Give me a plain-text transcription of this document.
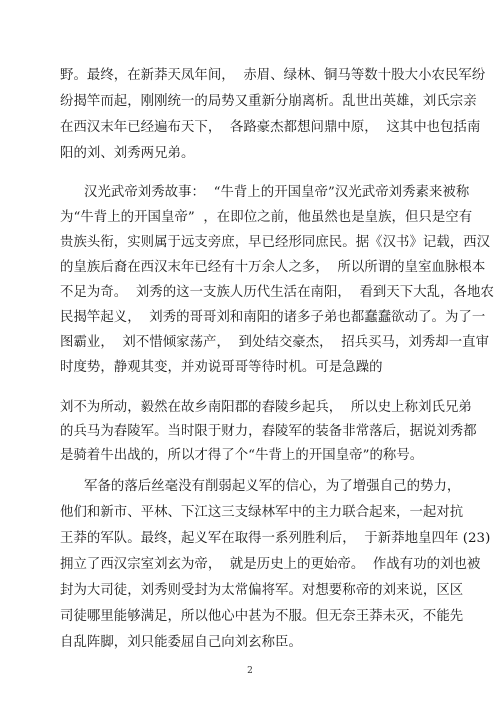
野。最终，在新莽天凤年间，  赤眉、绿林、铜马等数十股大小农民军纷
纷揭竿而起，刚刚统一的局势又重新分崩离析。乱世出英雄，刘氏宗亲
在西汉末年已经遍布天下，  各路豪杰都想问鼎中原，  这其中也包括南
阳的刘、刘秀两兄弟。
汉光武帝刘秀故事：  “牛背上的开国皇帝”汉光武帝刘秀素来被称
为“牛背上的开国皇帝”  ，在即位之前，他虽然也是皇族，但只是空有
贵族头衔，实则属于远支旁庶，早已经形同庶民。据《汉书》记载，西汉
的皇族后裔在西汉末年已经有十万余人之多，  所以所谓的皇室血脉根本
不足为奇。  刘秀的这一支族人历代生活在南阳，  看到天下大乱，各地农
民揭竿起义，  刘秀的哥哥刘和南阳的诸多子弟也都蠢蠢欲动了。为了一
图霸业，  刘不惜倾家荡产，  到处结交豪杰，  招兵买马，刘秀却一直审
时度势，静观其变，并劝说哥哥等待时机。可是急躁的
刘不为所动，毅然在故乡南阳郡的舂陵乡起兵，  所以史上称刘氏兄弟
的兵马为舂陵军。当时限于财力，舂陵军的装备非常落后，据说刘秀都
是骑着牛出战的，所以才得了个“牛背上的开国皇帝”的称号。
军备的落后丝毫没有削弱起义军的信心，为了增强自己的势力，
他们和新市、平林、下江这三支绿林军中的主力联合起来，一起对抗
王莽的军队。最终，起义军在取得一系列胜利后，  于新莽地皇四年 (23)
拥立了西汉宗室刘玄为帝，  就是历史上的更始帝。  作战有功的刘也被
封为大司徒，刘秀则受封为太常偏将军。对想要称帝的刘来说，区区
司徒哪里能够满足，所以他心中甚为不服。但无奈王莽未灭，不能先
自乱阵脚，刘只能委屈自己向刘玄称臣。
2
